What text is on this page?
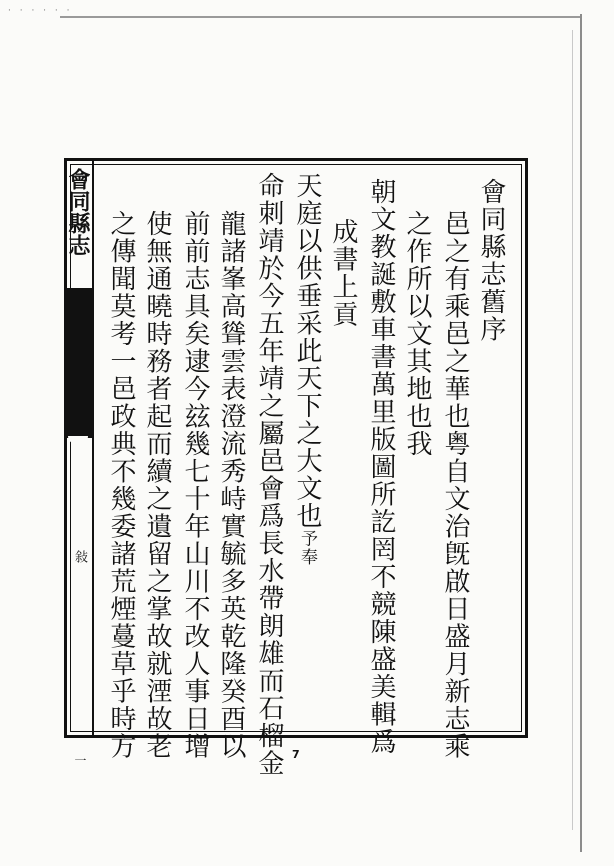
· · · · · ·
會同縣志
敍
一
會同縣志舊序
邑之有乘邑之華也粤自文治旣啟日盛月新志乘
之作所以文其地也我
朝文教誕敷車書萬里版圖所訖罔不競陳盛美輯爲
成書上貢
天庭以供垂采此天下之大文也予奉
命刺靖於今五年靖之屬邑會爲長水帶朗雄而石榴金
龍諸峯高聳雲表澄流秀峙實毓多英乾隆癸酉以
前前志具矣逮今玆幾七十年山川不改人事日增
使無通曉時務者起而續之遺留之掌故就湮故老
之傳聞莫考一邑政典不幾委諸荒煙蔓草乎時方	7
